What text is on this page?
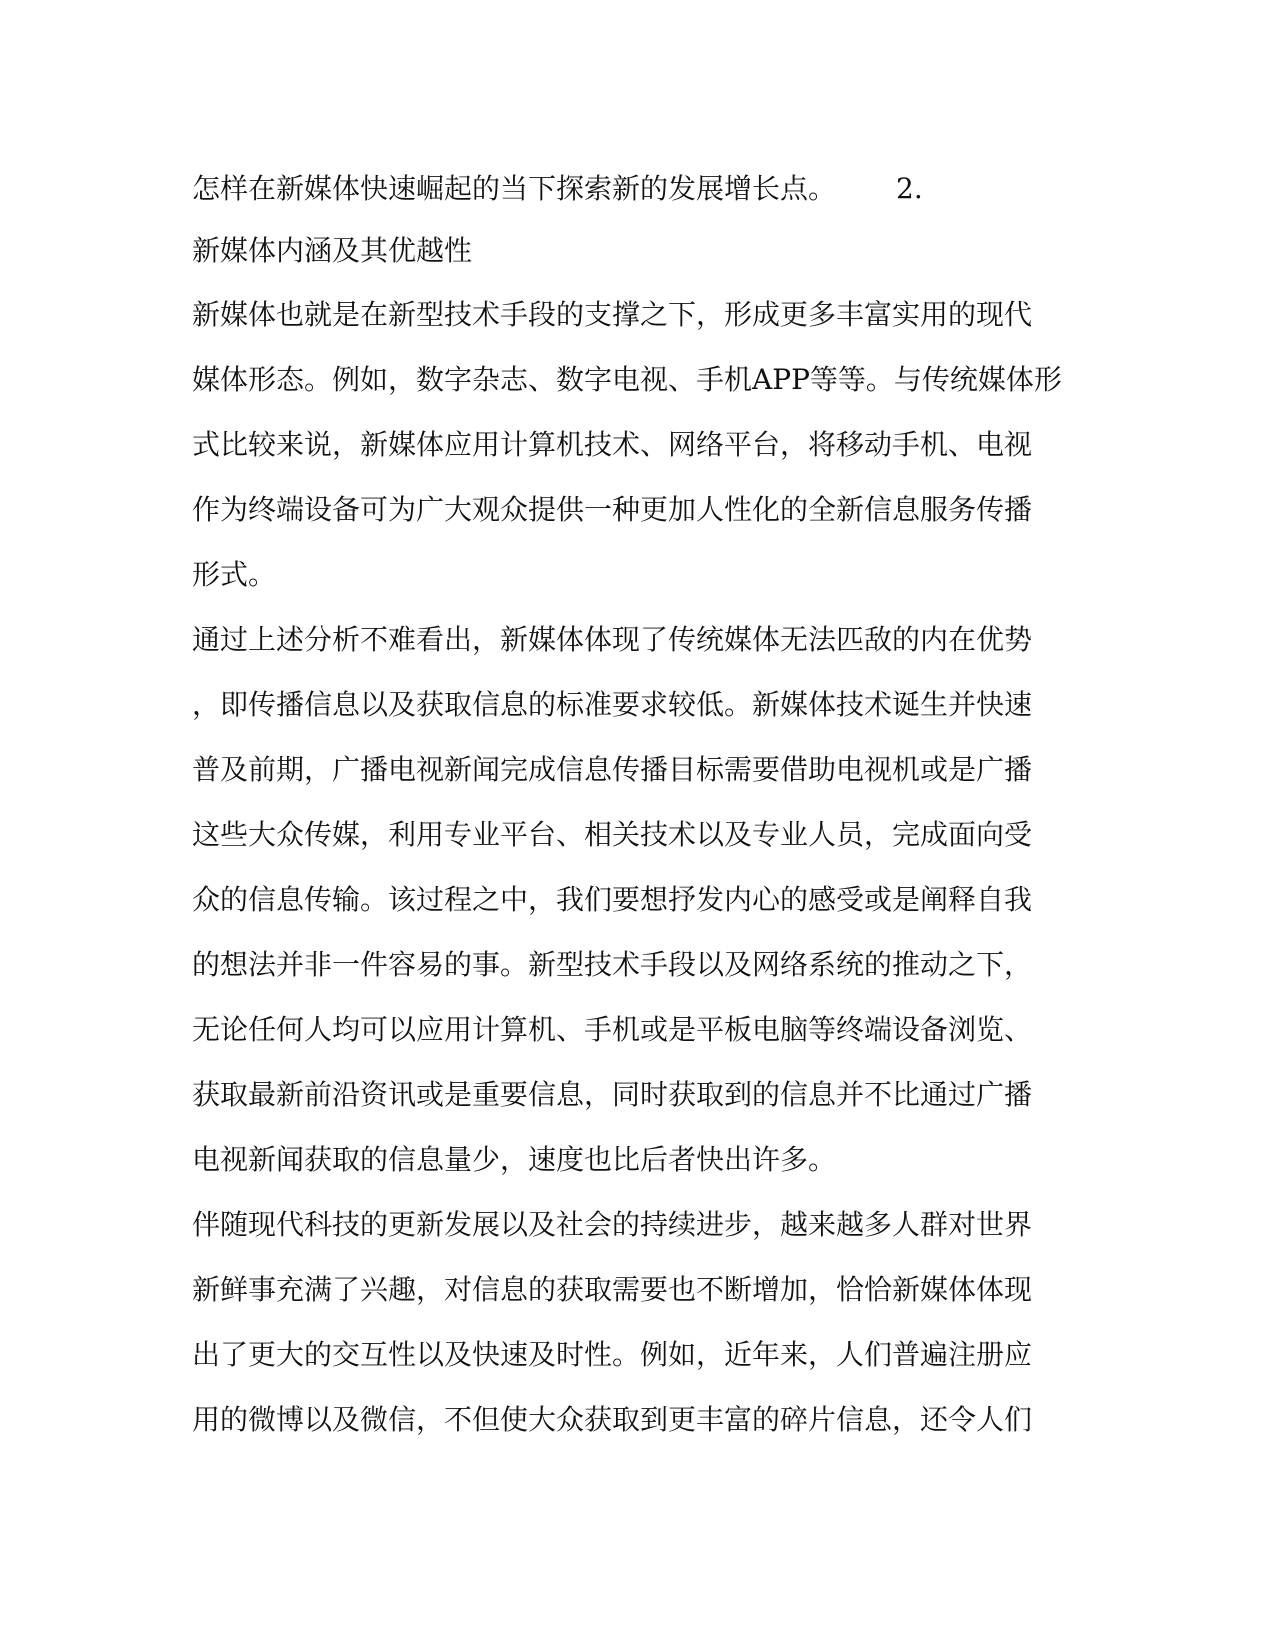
怎样在新媒体快速崛起的当下探索新的发展增长点。 2.
新媒体内涵及其优越性
新媒体也就是在新型技术手段的支撑之下，形成更多丰富实用的现代
媒体形态。例如，数字杂志、数字电视、手机APP等等。与传统媒体形
式比较来说，新媒体应用计算机技术、网络平台，将移动手机、电视
作为终端设备可为广大观众提供一种更加人性化的全新信息服务传播
形式。
通过上述分析不难看出，新媒体体现了传统媒体无法匹敌的内在优势
，即传播信息以及获取信息的标准要求较低。新媒体技术诞生并快速
普及前期，广播电视新闻完成信息传播目标需要借助电视机或是广播
这些大众传媒，利用专业平台、相关技术以及专业人员，完成面向受
众的信息传输。该过程之中，我们要想抒发内心的感受或是阐释自我
的想法并非一件容易的事。新型技术手段以及网络系统的推动之下，
无论任何人均可以应用计算机、手机或是平板电脑等终端设备浏览、
获取最新前沿资讯或是重要信息，同时获取到的信息并不比通过广播
电视新闻获取的信息量少，速度也比后者快出许多。
伴随现代科技的更新发展以及社会的持续进步，越来越多人群对世界
新鲜事充满了兴趣，对信息的获取需要也不断增加，恰恰新媒体体现
出了更大的交互性以及快速及时性。例如，近年来，人们普遍注册应
用的微博以及微信，不但使大众获取到更丰富的碎片信息，还令人们
